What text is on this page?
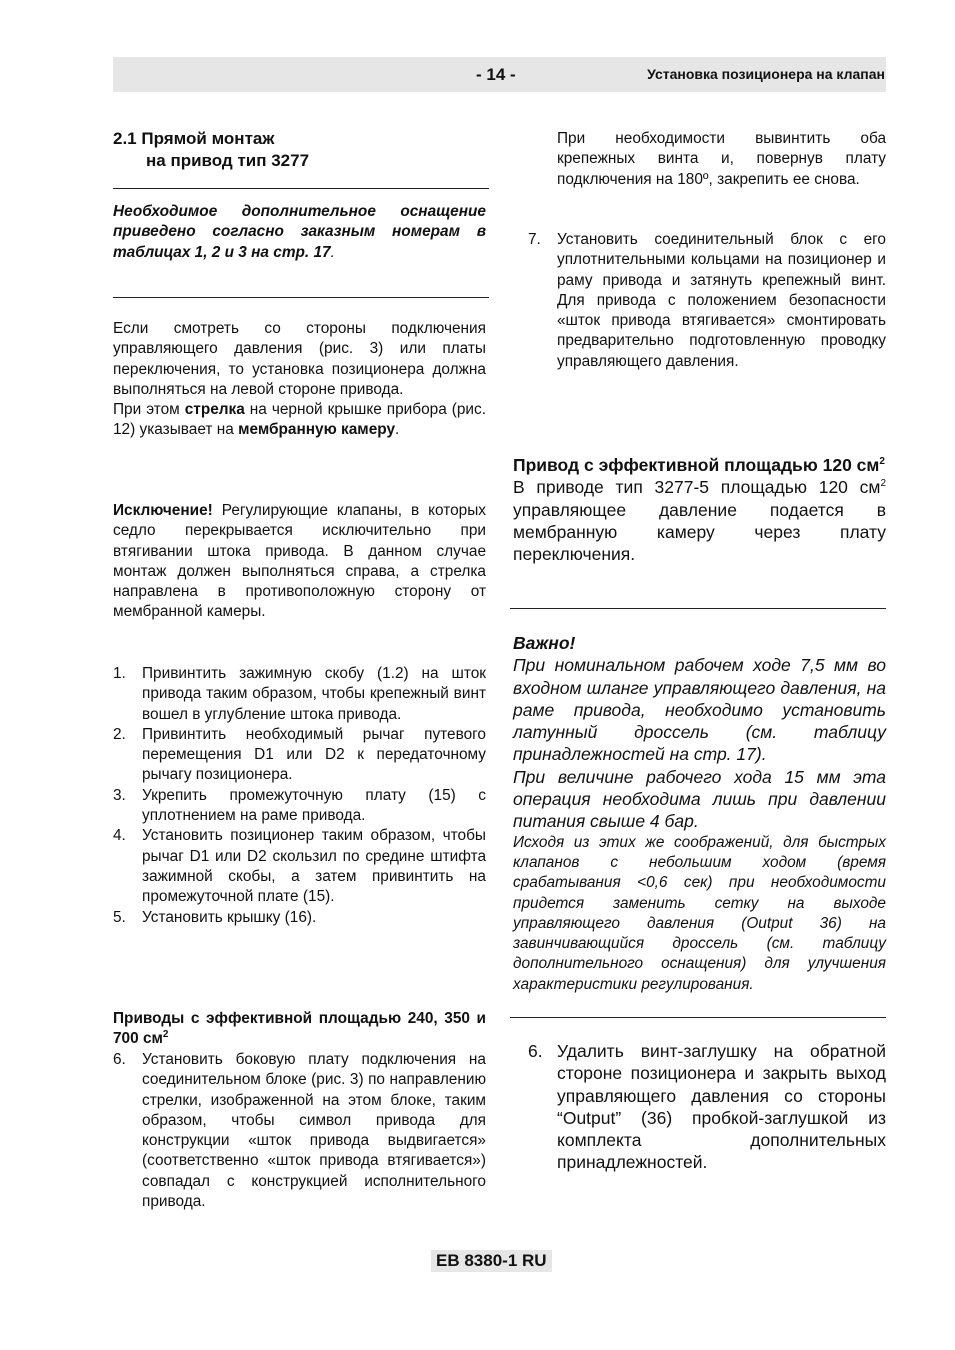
- 14 -	Установка позиционера на клапан
2.1 Прямой монтаж
на привод тип 3277

Необходимое дополнительное оснащение приведено согласно заказным номерам в таблицах 1, 2 и 3 на стр. 17.

Если смотреть со стороны подключения управляющего давления (рис. 3) или платы переключения, то установка позиционера должна выполняться на левой стороне привода.

При этом стрелка на черной крышке прибора (рис. 12) указывает на мембранную камеру.

Исключение! Регулирующие клапаны, в которых седло перекрывается исключительно при втягивании штока привода. В данном случае монтаж должен выполняться справа, а стрелка направлена в противоположную сторону от мембранной камеры.

1. Привинтить зажимную скобу (1.2) на шток привода таким образом, чтобы крепежный винт вошел в углубление штока привода.
2. Привинтить необходимый рычаг путевого перемещения D1 или D2 к передаточному рычагу позиционера.
3. Укрепить промежуточную плату (15) с уплотнением на раме привода.
4. Установить позиционер таким образом, чтобы рычаг D1 или D2 скользил по средине штифта зажимной скобы, а затем привинтить на промежуточной плате (15).
5. Установить крышку (16).

Приводы с эффективной площадью 240, 350 и 700 $см^2$

6. Установить боковую плату подключения на соединительном блоке (рис. 3) по направлению стрелки, изображенной на этом блоке, таким образом, чтобы символ привода для конструкции «шток привода выдвигается» (соответственно «шток привода втягивается») совпадал с конструкцией исполнительного привода.

При необходимости вывинтить оба крепежных винта и, повернув плату подключения на 180º, закрепить ее снова.

7. Установить соединительный блок с его уплотнительными кольцами на позиционер и раму привода и затянуть крепежный винт. Для привода с положением безопасности «шток привода втягивается» смонтировать предварительно подготовленную проводку управляющего давления.

Привод с эффективной площадью 120 $см^2$

В приводе тип 3277-5 площадью 120 $см^2$ управляющее давление подается в мембранную камеру через плату переключения.

Важно!

При номинальном рабочем ходе 7,5 мм во входном шланге управляющего давления, на раме привода, необходимо установить латунный дроссель (см. таблицу принадлежностей на стр. 17).

При величине рабочего хода 15 мм эта операция необходима лишь при давлении питания свыше 4 бар.

Исходя из этих же соображений, для быстрых клапанов с небольшим ходом (время срабатывания <0,6 сек) при необходимости придется заменить сетку на выходе управляющего давления (Output 36) на завинчивающийся дроссель (см. таблицу дополнительного оснащения) для улучшения характеристики регулирования.

6. Удалить винт-заглушку на обратной стороне позиционера и закрыть выход управляющего давления со стороны “Output” (36) пробкой-заглушкой из комплекта дополнительных принадлежностей.
EB 8380-1 RU
